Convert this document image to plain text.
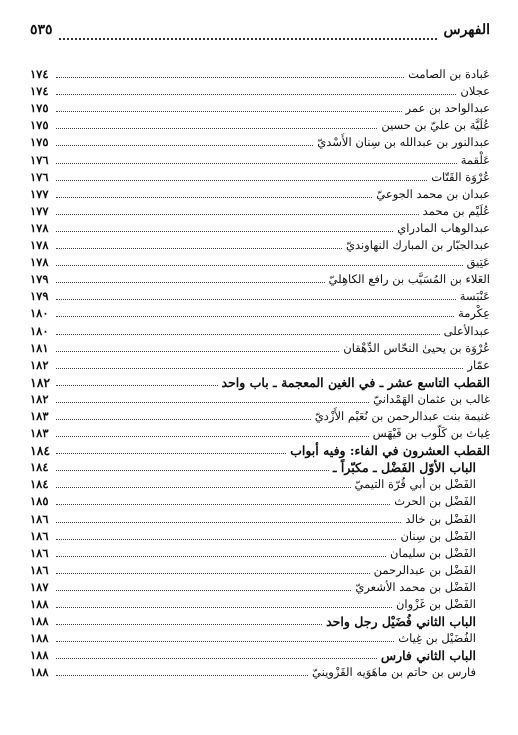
الفهرس
٥٣٥
عَبادة بن الصامت
١٧٤
عجلان
١٧٤
عبدالواحد بن عمر
١٧٥
عُلَيَّة بن عليّ بن حسين
١٧٥
عبدالنور بن عبدالله بن سِنان الأَسْديّ
١٧٥
عَلْقمة
١٧٦
عُرْوَة القَتّات
١٧٦
عبدان بن محمد الجوعيّ
١٧٧
عُلَيْم بن محمد
١٧٧
عبدالوهاب المادراي
١٧٨
عبدالجبّار بن المبارك النهاونديّ
١٧٨
عَتِيق
١٧٨
العَلاء بن المُسَيَّب بن رافع الكاهِليّ
١٧٩
عَنْبَسة
١٧٩
عِكْرمة
١٨٠
عبدالأعلى
١٨٠
عُرْوَة بن يحيىٰ النحّاس الدِّهْقان
١٨١
عمّار
١٨٢
القطب التاسع عشر ـ في الغين المعجمة ـ باب واحد
١٨٢
غالب بن عثمان الهَمْدانيّ
١٨٢
غنيمة بنت عبدالرحمن بن نُعَيْم الأَزْديّ
١٨٣
غِياث بن كَلّوب بن فَيْهَس
١٨٣
القطب العشرون في الفاء: وفيه أبواب
١٨٤
الباب الأوّل الفَضْل ـ مكبّراً ـ
١٨٤
الفَضْل بن أبي قُرّة التيميّ
١٨٤
الفَضْل بن الحرث
١٨٥
الفَضْل بن خالد
١٨٦
الفَضْل بن سِنان
١٨٦
الفَضْل بن سليمان
١٨٦
الفَضْل بن عبدالرحمن
١٨٦
الفَضْل بن محمد الأشعريّ
١٨٧
الفَضْل بن غَزْوان
١٨٨
الباب الثاني فُضَيْل رجل واحد
١٨٨
الفُضَيْل بن غِياث
١٨٨
الباب الثاني فارس
١٨٨
فارس بن حاتم بن ماهَوَيه القَزْوينيّ
١٨٨
